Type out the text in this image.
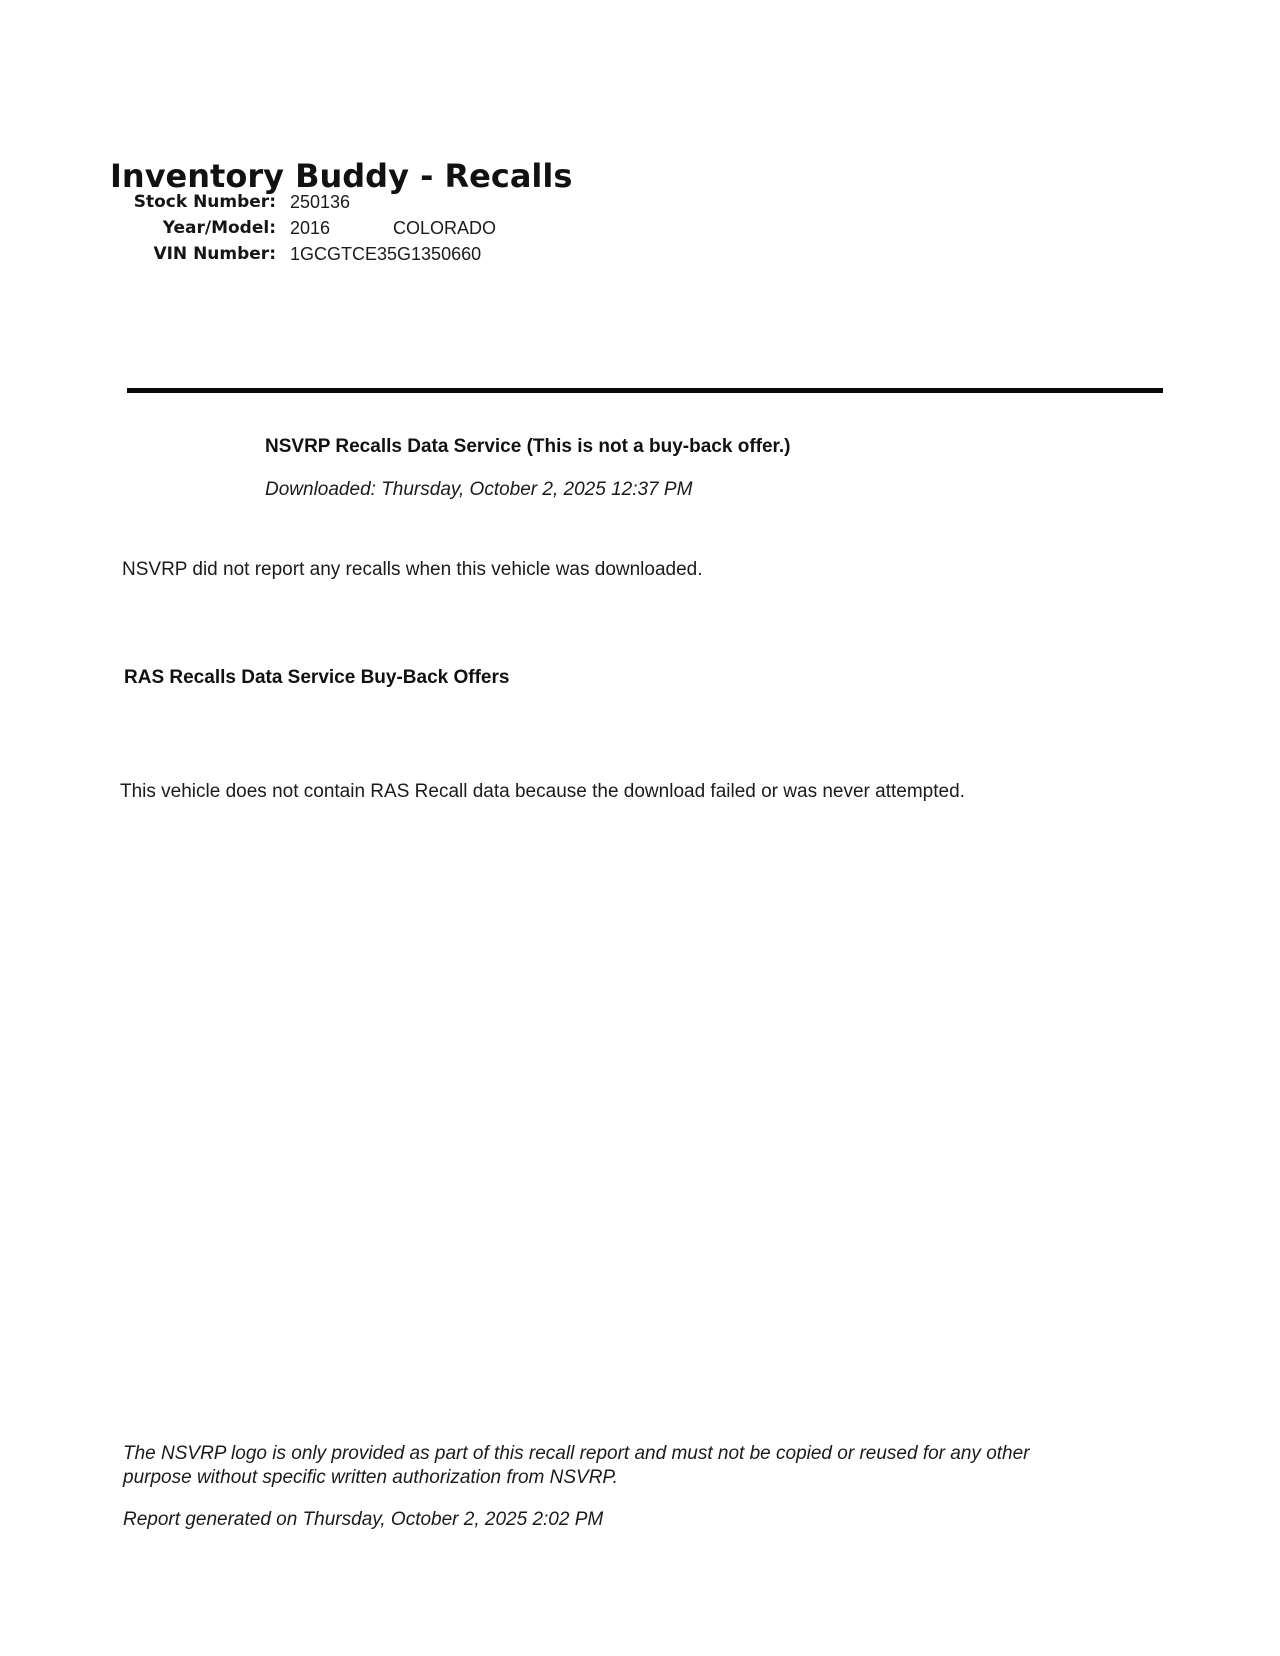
Inventory Buddy - Recalls
Stock Number: 250136
Year/Model: 2016	COLORADO
VIN Number: 1GCGTCE35G1350660
NSVRP Recalls Data Service (This is not a buy-back offer.)
Downloaded: Thursday, October 2, 2025 12:37 PM
NSVRP did not report any recalls when this vehicle was downloaded.
RAS Recalls Data Service Buy-Back Offers
This vehicle does not contain RAS Recall data because the download failed or was never attempted.
The NSVRP logo is only provided as part of this recall report and must not be copied or reused for any other
purpose without specific written authorization from NSVRP.
Report generated on Thursday, October 2, 2025 2:02 PM
